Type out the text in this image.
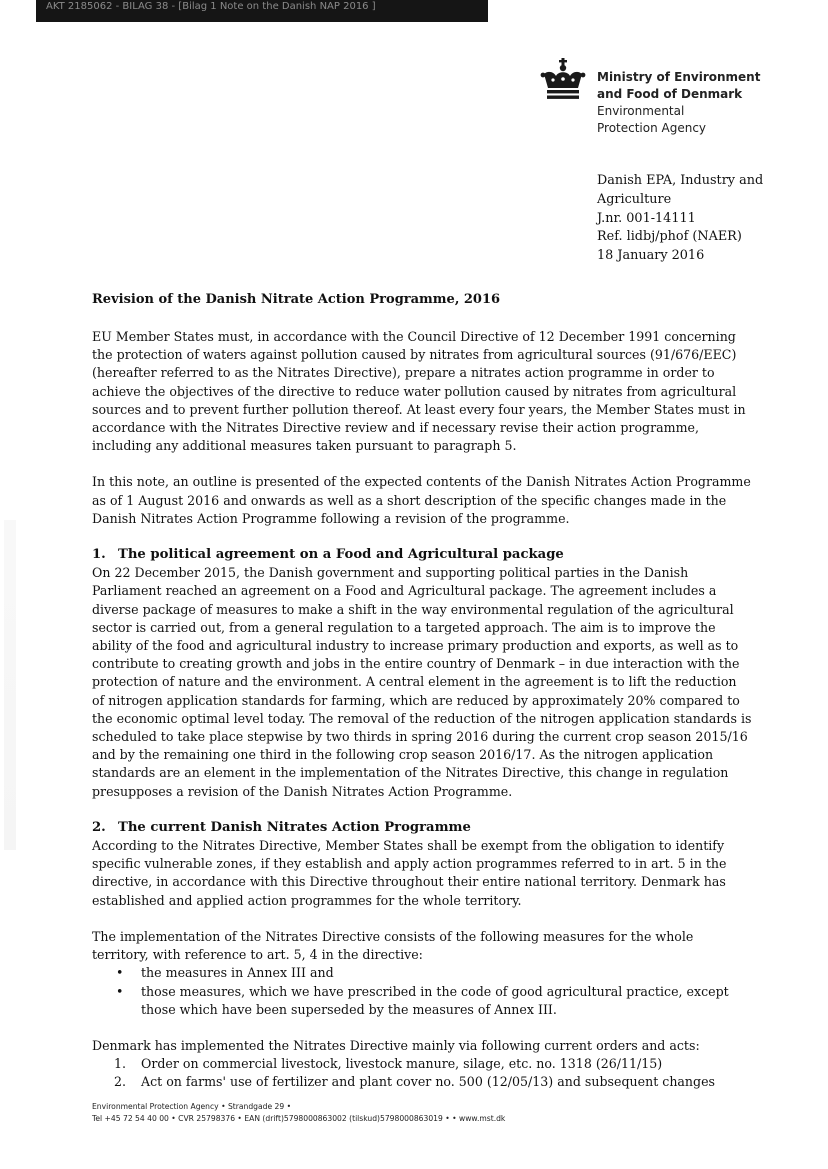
AKT 2185062 - BILAG 38 - [Bilag 1 Note on the Danish NAP 2016 ]
Ministry of Environment
and Food of Denmark
Environmental
Protection Agency
Danish EPA, Industry and
Agriculture
J.nr. 001-14111
Ref. lidbj/phof (NAER)
18 January 2016
Revision of the Danish Nitrate Action Programme, 2016

EU Member States must, in accordance with the Council Directive of 12 December 1991 concerning the protection of waters against pollution caused by nitrates from agricultural sources (91/676/EEC) (hereafter referred to as the Nitrates Directive), prepare a nitrates action programme in order to achieve the objectives of the directive to reduce water pollution caused by nitrates from agricultural sources and to prevent further pollution thereof. At least every four years, the Member States must in accordance with the Nitrates Directive review and if necessary revise their action programme, including any additional measures taken pursuant to paragraph 5.

In this note, an outline is presented of the expected contents of the Danish Nitrates Action Programme as of 1 August 2016 and onwards as well as a short description of the specific changes made in the Danish Nitrates Action Programme following a revision of the programme.

1. The political agreement on a Food and Agricultural package

On 22 December 2015, the Danish government and supporting political parties in the Danish Parliament reached an agreement on a Food and Agricultural package. The agreement includes a diverse package of measures to make a shift in the way environmental regulation of the agricultural sector is carried out, from a general regulation to a targeted approach. The aim is to improve the ability of the food and agricultural industry to increase primary production and exports, as well as to contribute to creating growth and jobs in the entire country of Denmark – in due interaction with the protection of nature and the environment. A central element in the agreement is to lift the reduction of nitrogen application standards for farming, which are reduced by approximately 20% compared to the economic optimal level today. The removal of the reduction of the nitrogen application standards is scheduled to take place stepwise by two thirds in spring 2016 during the current crop season 2015/16 and by the remaining one third in the following crop season 2016/17. As the nitrogen application standards are an element in the implementation of the Nitrates Directive, this change in regulation presupposes a revision of the Danish Nitrates Action Programme.

2. The current Danish Nitrates Action Programme

According to the Nitrates Directive, Member States shall be exempt from the obligation to identify specific vulnerable zones, if they establish and apply action programmes referred to in art. 5 in the directive, in accordance with this Directive throughout their entire national territory. Denmark has established and applied action programmes for the whole territory.

The implementation of the Nitrates Directive consists of the following measures for the whole territory, with reference to art. 5, 4 in the directive:

• the measures in Annex III and
• those measures, which we have prescribed in the code of good agricultural practice, except those which have been superseded by the measures of Annex III.

Denmark has implemented the Nitrates Directive mainly via following current orders and acts:

1. Order on commercial livestock, livestock manure, silage, etc. no. 1318 (26/11/15)
2. Act on farms' use of fertilizer and plant cover no. 500 (12/05/13) and subsequent changes
Environmental Protection Agency • Strandgade 29 •
Tel +45 72 54 40 00 • CVR 25798376 • EAN (drift)5798000863002 (tilskud)5798000863019 • • www.mst.dk
